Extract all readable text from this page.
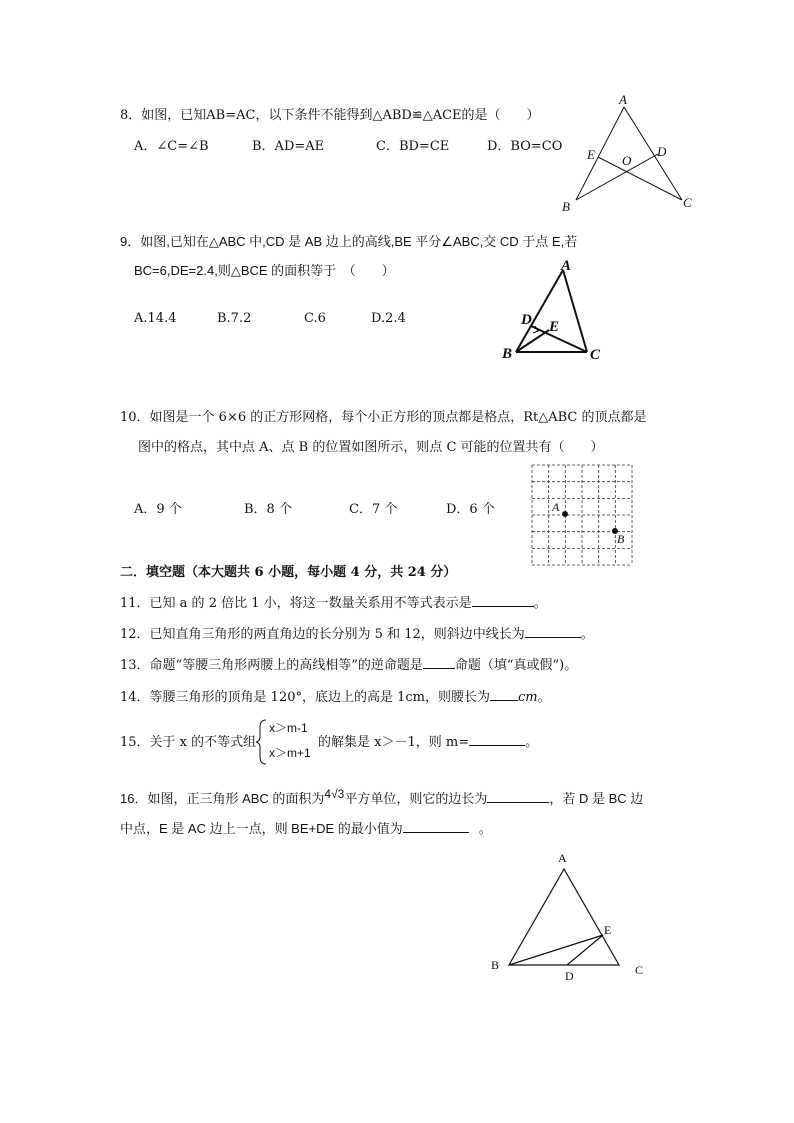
8．如图，已知AB=AC，以下条件不能得到△ABD≌△ACE的是（　　）
A．∠C=∠B	B．AD=AE	C．BD=CE	D．BO=CO
A
B	C
D
E O
9．如图,已知在△ABC 中,CD 是 AB 边上的高线,BE 平分∠ABC,交 CD 于点 E,若
BC=6,DE=2.4,则△BCE 的面积等于　（　　）
A.14.4	B.7.2	C.6	D.2.4
A
B	C
D E
10．如图是一个 6×6 的正方形网格，每个小正方形的顶点都是格点，Rt△ABC 的顶点都是
图中的格点，其中点 A、点 B 的位置如图所示，则点 C 可能的位置共有（　　）
A．9 个	B．8 个	C．7 个	D．6 个	A
B
二．填空题（本大题共 6 小题，每小题 4 分，共 24 分）
11．已知 a 的 2 倍比 1 小，将这一数量关系用不等式表示是	。
12．已知直角三角形的两直角边的长分别为 5 和 12，则斜边中线长为	。
13．命题“等腰三角形两腰上的高线相等”的逆命题是 命题（填“真或假”)。
14．等腰三角形的顶角是 120°，底边上的高是 1cm，则腰长为 cm。
15．关于 x 的不等式组
x＞m-1
x＞m+1
的解集是 x＞－1，则 m=	。
16．如图，正三角形 ABC 的面积为4√3平方单位，则它的边长为	，若 D 是 BC 边
中点，E 是 AC 边上一点，则 BE+DE 的最小值为	。
A
B	C
D
E
